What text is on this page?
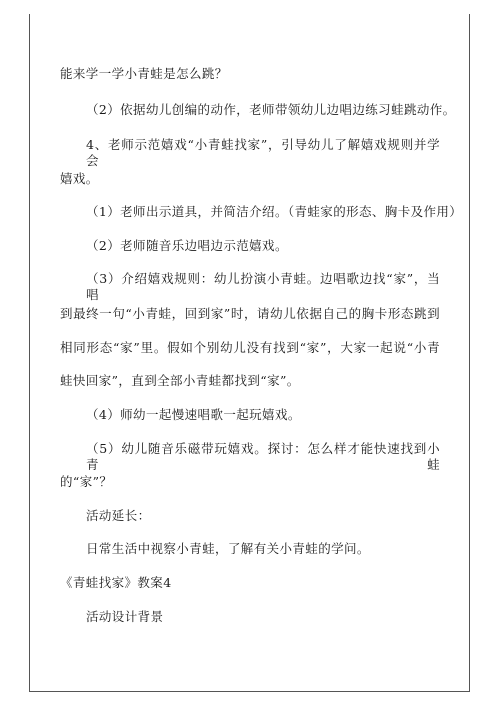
能来学一学小青蛙是怎么跳？
（2）依据幼儿创编的动作，老师带领幼儿边唱边练习蛙跳动作。
4、老师示范嬉戏“小青蛙找家”，引导幼儿了解嬉戏规则并学会
嬉戏。
（1）老师出示道具，并简洁介绍。（青蛙家的形态、胸卡及作用）
（2）老师随音乐边唱边示范嬉戏。
（3）介绍嬉戏规则：幼儿扮演小青蛙。边唱歌边找“家”，当唱
到最终一句“小青蛙，回到家”时，请幼儿依据自己的胸卡形态跳到
相同形态“家”里。假如个别幼儿没有找到“家”，大家一起说“小青
蛙快回家”，直到全部小青蛙都找到“家”。
（4）师幼一起慢速唱歌一起玩嬉戏。
（5）幼儿随音乐磁带玩嬉戏。探讨：怎么样才能快速找到小青蛙
的“家”？
活动延长：
日常生活中视察小青蛙，了解有关小青蛙的学问。
《青蛙找家》教案4
活动设计背景
